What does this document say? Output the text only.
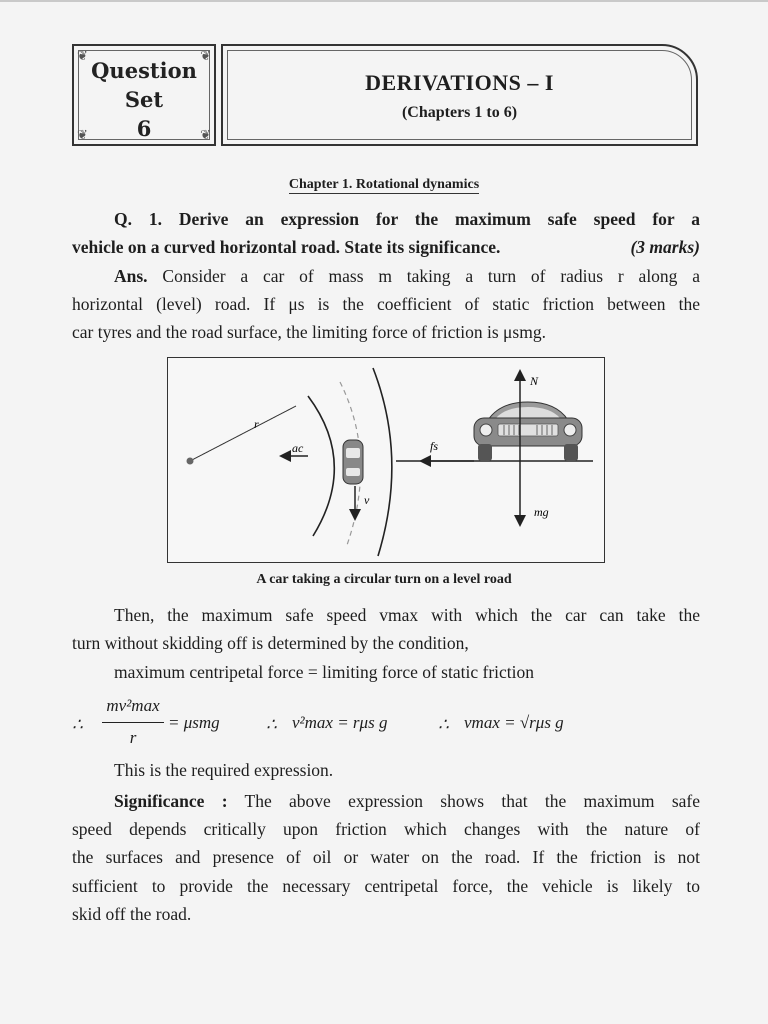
❦	❦
❦	❦
Question
Set
6
DERIVATIONS – I
(Chapters 1 to 6)
Chapter 1. Rotational dynamics
Q. 1. Derive an expression for the maximum safe speed for a
vehicle on a curved horizontal road. State its significance.	(3 marks)
Ans. Consider a car of mass m taking a turn of radius r along a
horizontal (level) road. If μs is the coefficient of static friction between the
car tyres and the road surface, the limiting force of friction is μsmg.
r
ac
v
fs
N
mg
A car taking a circular turn on a level road
Then, the maximum safe speed vmax with which the car can take the
turn without skidding off is determined by the condition,
maximum centripetal force = limiting force of static friction
∴
mv²max
r
= μsmg	∴ v²max = rμs g	∴ vmax = √rμs g
This is the required expression.
Significance : The above expression shows that the maximum safe
speed depends critically upon friction which changes with the nature of
the surfaces and presence of oil or water on the road. If the friction is not
sufficient to provide the necessary centripetal force, the vehicle is likely to
skid off the road.
